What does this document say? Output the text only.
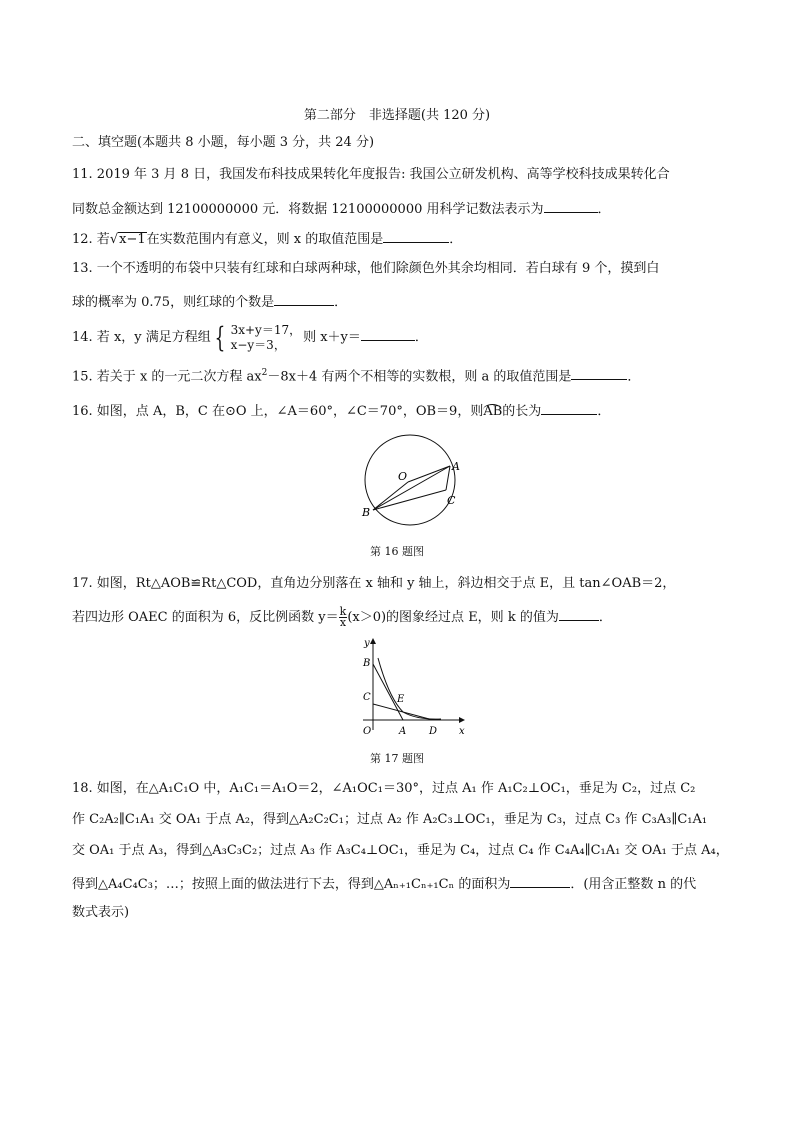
第二部分　非选择题(共 120 分)
二、填空题(本题共 8 小题，每小题 3 分，共 24 分)
11. 2019 年 3 月 8 日，我国发布科技成果转化年度报告: 我国公立研发机构、高等学校科技成果转化合
同数总金额达到 12100000000 元．将数据 12100000000 用科学记数法表示为	．
12. 若√x−1在实数范围内有意义，则 x 的取值范围是	．
13. 一个不透明的布袋中只装有红球和白球两种球，他们除颜色外其余均相同．若白球有 9 个，摸到白
球的概率为 0.75，则红球的个数是	．
14. 若 x，y 满足方程组 { 3x+y＝17，
x−y＝3，	则 x＋y＝	．
15. 若关于 x 的一元二次方程 $ax^2-8x+4$ 有两个不相等的实数根，则 a 的取值范围是	．
16. 如图，点 A，B，C 在⊙O 上，∠A＝60°，∠C＝70°，OB＝9，则AB的长为	．
O
A
B
C
第 16 题图
17. 如图，Rt△AOB≌Rt△COD，直角边分别落在 x 轴和 y 轴上，斜边相交于点 E，且 tan∠OAB＝2，
若四边形 OAEC 的面积为 6，反比例函数 $y= \frac{k}{x} (x>0)$的图象经过点 E，则 k 的值为	．
y
x
B
C	E
O	A D
第 17 题图
18. 如图，在△A₁C₁O 中，A₁C₁＝A₁O＝2，∠A₁OC₁＝30°，过点 A₁ 作 A₁C₂⊥OC₁，垂足为 C₂，过点 C₂
作 C₂A₂∥C₁A₁ 交 OA₁ 于点 A₂，得到△A₂C₂C₁；过点 A₂ 作 A₂C₃⊥OC₁，垂足为 C₃，过点 C₃ 作 C₃A₃∥C₁A₁
交 OA₁ 于点 A₃，得到△A₃C₃C₂；过点 A₃ 作 A₃C₄⊥OC₁，垂足为 C₄，过点 C₄ 作 C₄A₄∥C₁A₁ 交 OA₁ 于点 A₄，
得到△A₄C₄C₃；…；按照上面的做法进行下去，得到△Aₙ₊₁Cₙ₊₁Cₙ 的面积为	．(用含正整数 n 的代
数式表示)
